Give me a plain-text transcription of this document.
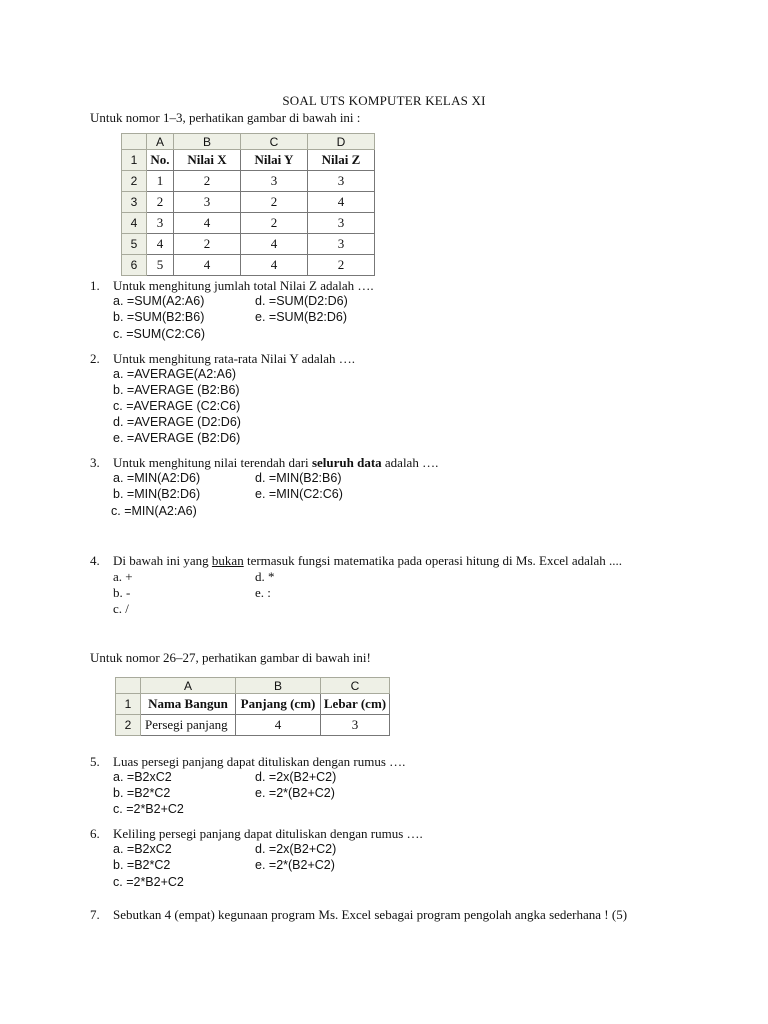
SOAL UTS KOMPUTER KELAS XI
Untuk nomor 1–3, perhatikan gambar di bawah ini :
	A	B	C	D
1	No.	Nilai X	Nilai Y	Nilai Z
2	1	2	3	3
3	2	3	2	4
4	3	4	2	3
5	4	2	4	3
6	5	4	4	2
1. Untuk menghitung jumlah total Nilai Z adalah ….
a. =SUM(A2:A6)	d. =SUM(D2:D6)
b. =SUM(B2:B6)	e. =SUM(B2:D6)
c. =SUM(C2:C6)
2. Untuk menghitung rata-rata Nilai Y adalah ….
a. =AVERAGE(A2:A6)
b. =AVERAGE (B2:B6)
c. =AVERAGE (C2:C6)
d. =AVERAGE (D2:D6)
e. =AVERAGE (B2:D6)
3. Untuk menghitung nilai terendah dari seluruh data adalah ….
a. =MIN(A2:D6)	d. =MIN(B2:B6)
b. =MIN(B2:D6)	e. =MIN(C2:C6)
c. =MIN(A2:A6)
4. Di bawah ini yang bukan termasuk fungsi matematika pada operasi hitung di Ms. Excel adalah ....
a. +	d. *
b. -	e. :
c. /
Untuk nomor 26–27, perhatikan gambar di bawah ini!
	A	B	C
1	Nama Bangun	Panjang (cm)	Lebar (cm)
2	Persegi panjang	4	3
5. Luas persegi panjang dapat dituliskan dengan rumus ….
a. =B2xC2	d. =2x(B2+C2)
b. =B2*C2	e. =2*(B2+C2)
c. =2*B2+C2
6. Keliling persegi panjang dapat dituliskan dengan rumus ….
a. =B2xC2	d. =2x(B2+C2)
b. =B2*C2	e. =2*(B2+C2)
c. =2*B2+C2
7. Sebutkan 4 (empat) kegunaan program Ms. Excel sebagai program pengolah angka sederhana ! (5)
